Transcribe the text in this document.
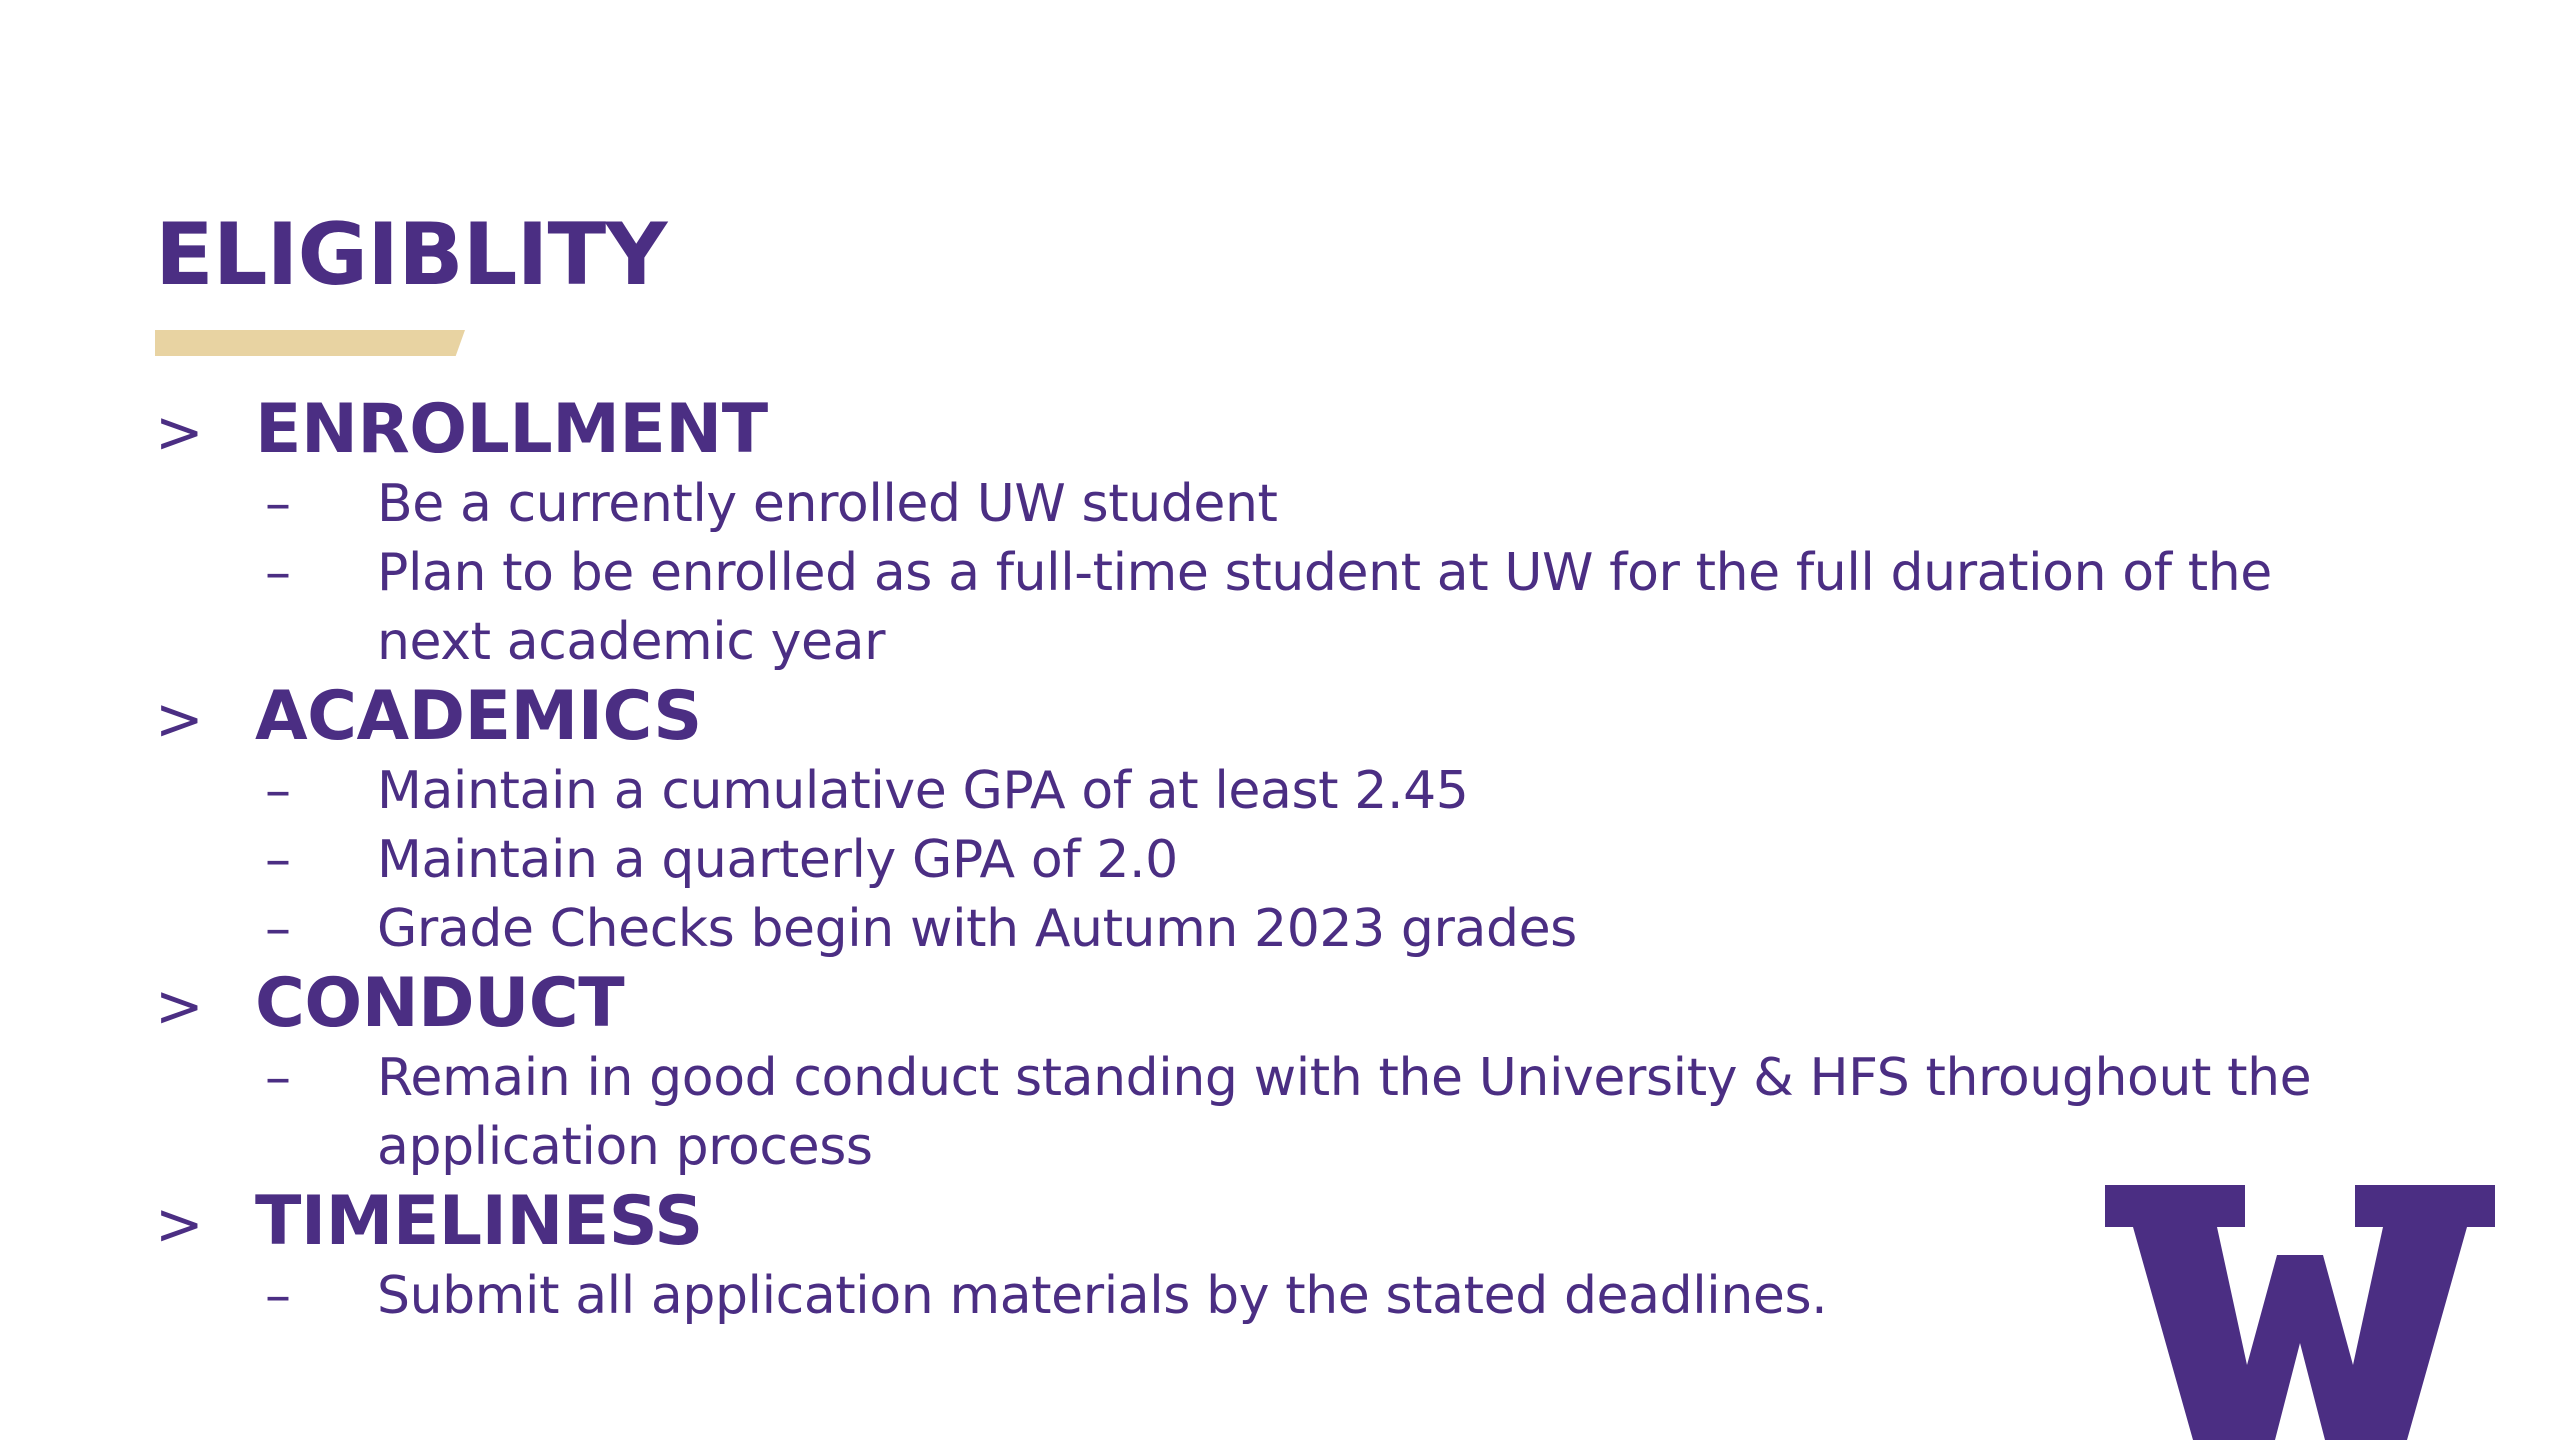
ELIGIBLITY
> ENROLLMENT
–	Be a currently enrolled UW student
–	Plan to be enrolled as a full-time student at UW for the full duration of the next academic year
> ACADEMICS
–	Maintain a cumulative GPA of at least 2.45
–	Maintain a quarterly GPA of 2.0
–	Grade Checks begin with Autumn 2023 grades
> CONDUCT
–	Remain in good conduct standing with the University & HFS throughout the application process
> TIMELINESS
–	Submit all application materials by the stated deadlines.
